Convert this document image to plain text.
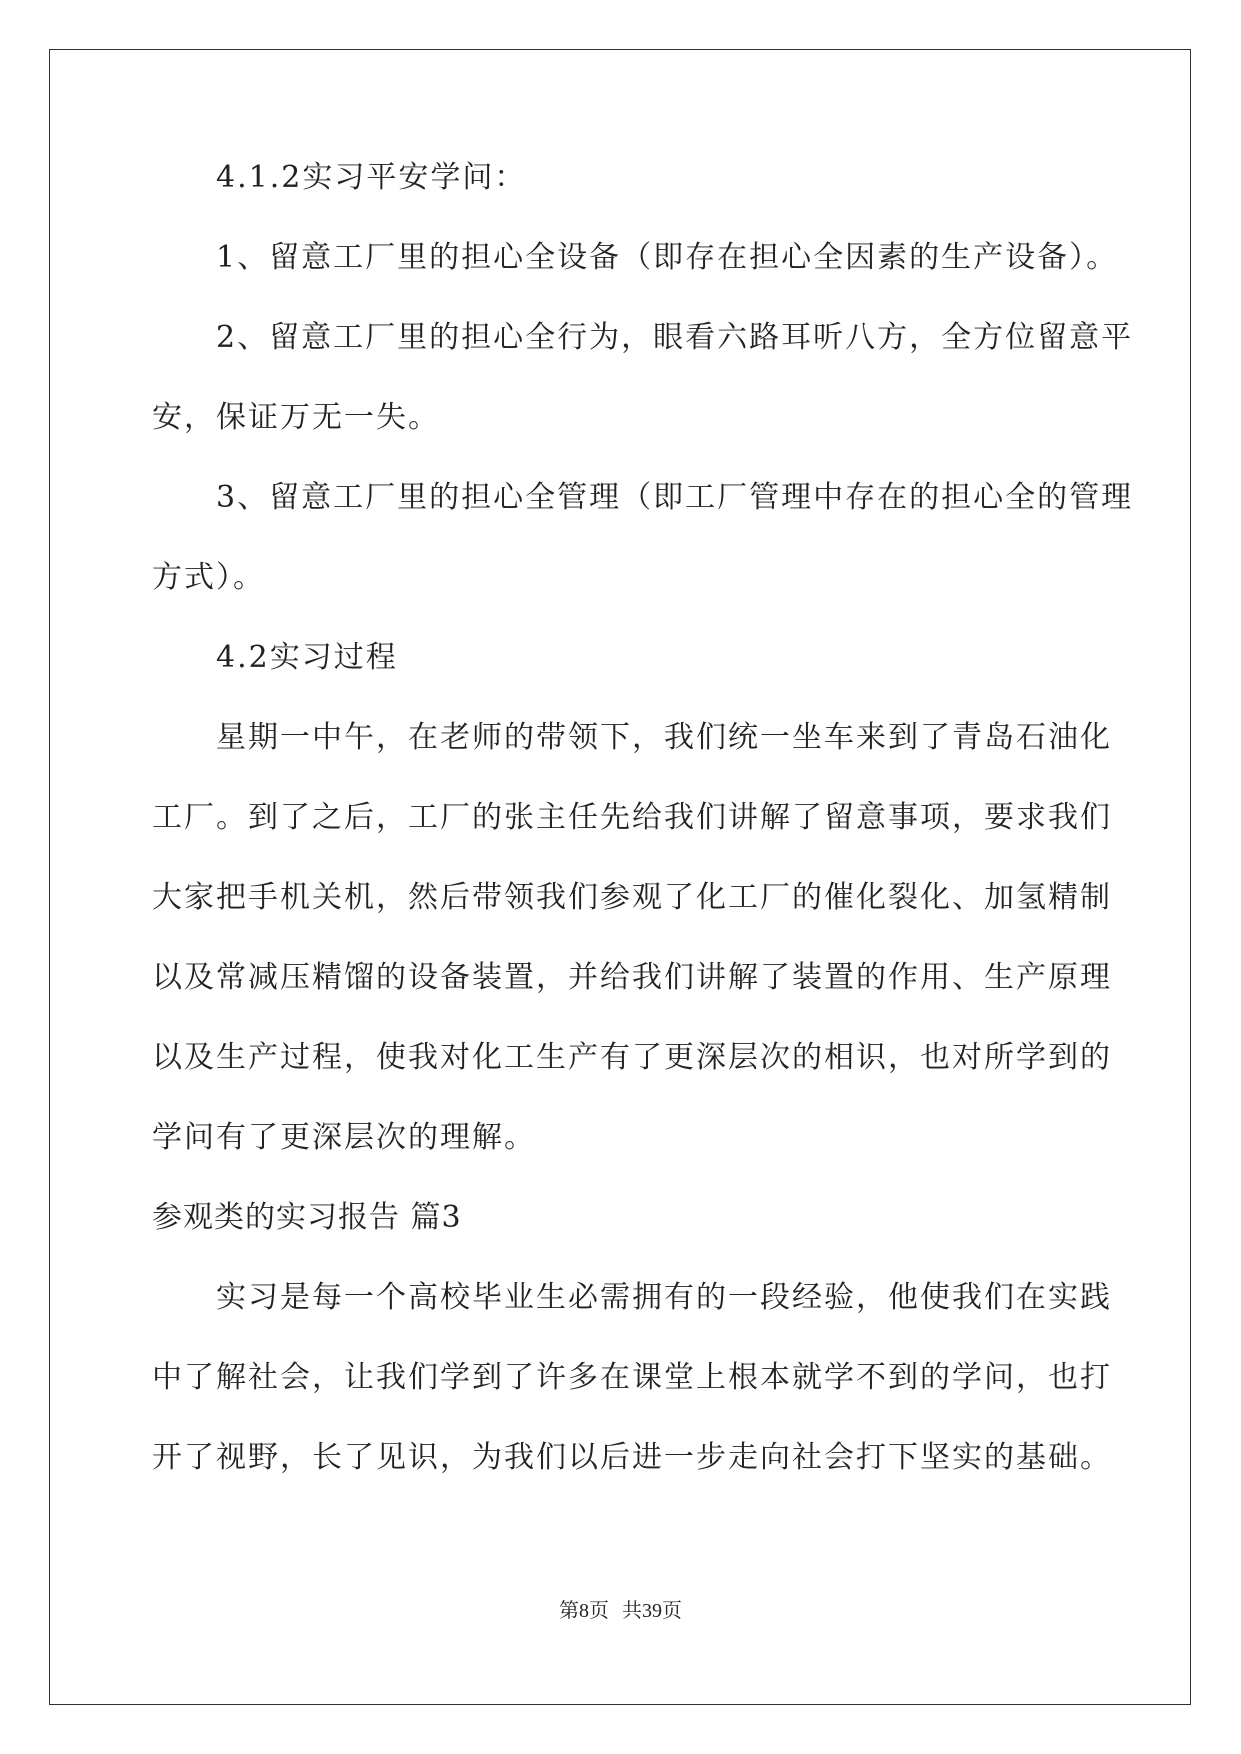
4.1.2实习平安学问：
1、留意工厂里的担心全设备（即存在担心全因素的生产设备）。
2、留意工厂里的担心全行为，眼看六路耳听八方，全方位留意平
安，保证万无一失。
3、留意工厂里的担心全管理（即工厂管理中存在的担心全的管理
方式）。
4.2实习过程
星期一中午，在老师的带领下，我们统一坐车来到了青岛石油化
工厂。到了之后，工厂的张主任先给我们讲解了留意事项，要求我们
大家把手机关机，然后带领我们参观了化工厂的催化裂化、加氢精制
以及常减压精馏的设备装置，并给我们讲解了装置的作用、生产原理
以及生产过程，使我对化工生产有了更深层次的相识，也对所学到的
学问有了更深层次的理解。
参观类的实习报告 篇3
实习是每一个高校毕业生必需拥有的一段经验，他使我们在实践
中了解社会，让我们学到了许多在课堂上根本就学不到的学问，也打
开了视野，长了见识，为我们以后进一步走向社会打下坚实的基础。
第8页 共39页
